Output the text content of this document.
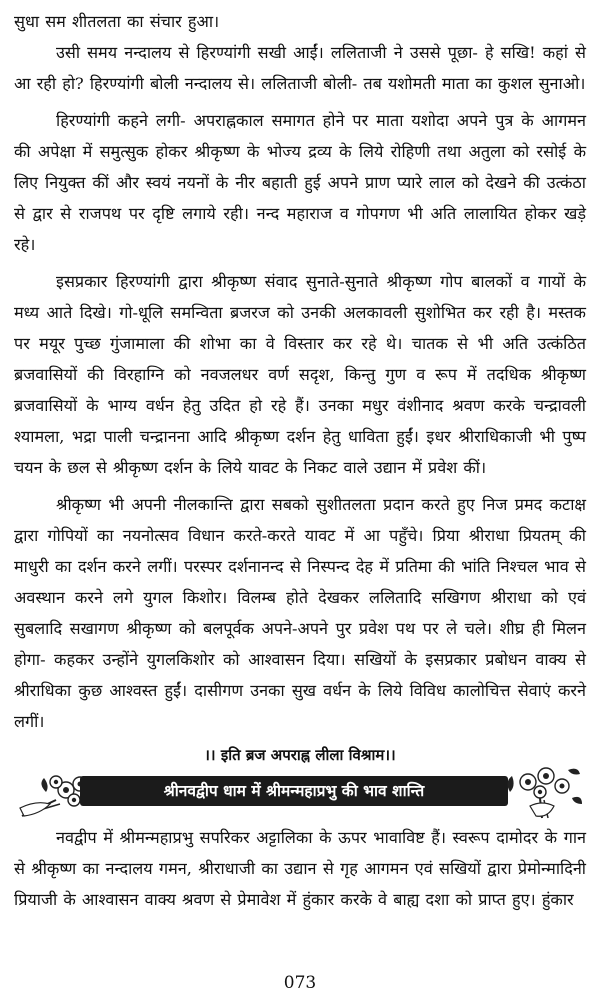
सुधा सम शीतलता का संचार हुआ।

उसी समय नन्दालय से हिरण्यांगी सखी आईं। ललिताजी ने उससे पूछा- हे सखि! कहां से आ रही हो? हिरण्यांगी बोली नन्दालय से। ललिताजी बोली- तब यशोमती माता का कुशल सुनाओ।

हिरण्यांगी कहने लगी- अपराह्नकाल समागत होने पर माता यशोदा अपने पुत्र के आगमन की अपेक्षा में समुत्सुक होकर श्रीकृष्ण के भोज्य द्रव्य के लिये रोहिणी तथा अतुला को रसोई के लिए नियुक्त कीं और स्वयं नयनों के नीर बहाती हुई अपने प्राण प्यारे लाल को देखने की उत्कंठा से द्वार से राजपथ पर दृष्टि लगाये रही। नन्द महाराज व गोपगण भी अति लालायित होकर खड़े रहे।

इसप्रकार हिरण्यांगी द्वारा श्रीकृष्ण संवाद सुनाते-सुनाते श्रीकृष्ण गोप बालकों व गायों के मध्य आते दिखे। गो-धूलि समन्विता ब्रजरज को उनकी अलकावली सुशोभित कर रही है। मस्तक पर मयूर पुच्छ गुंजामाला की शोभा का वे विस्तार कर रहे थे। चातक से भी अति उत्कंठित ब्रजवासियों की विरहाग्नि को नवजलधर वर्ण सदृश, किन्तु गुण व रूप में तदधिक श्रीकृष्ण ब्रजवासियों के भाग्य वर्धन हेतु उदित हो रहे हैं। उनका मधुर वंशीनाद श्रवण करके चन्द्रावली श्यामला, भद्रा पाली चन्द्रानना आदि श्रीकृष्ण दर्शन हेतु धाविता हुईं। इधर श्रीराधिकाजी भी पुष्प चयन के छल से श्रीकृष्ण दर्शन के लिये यावट के निकट वाले उद्यान में प्रवेश कीं।

श्रीकृष्ण भी अपनी नीलकान्ति द्वारा सबको सुशीतलता प्रदान करते हुए निज प्रमद कटाक्ष द्वारा गोपियों का नयनोत्सव विधान करते-करते यावट में आ पहुँचे। प्रिया श्रीराधा प्रियतम् की माधुरी का दर्शन करने लगीं। परस्पर दर्शनानन्द से निस्पन्द देह में प्रतिमा की भांति निश्चल भाव से अवस्थान करने लगे युगल किशोर। विलम्ब होते देखकर ललितादि सखिगण श्रीराधा को एवं सुबलादि सखागण श्रीकृष्ण को बलपूर्वक अपने-अपने पुर प्रवेश पथ पर ले चले। शीघ्र ही मिलन होगा- कहकर उन्होंने युगलकिशोर को आश्वासन दिया। सखियों के इसप्रकार प्रबोधन वाक्य से श्रीराधिका कुछ आश्वस्त हुईं। दासीगण उनका सुख वर्धन के लिये विविध कालोचित्त सेवाएं करने लगीं।

।। इति ब्रज अपराह्न लीला विश्राम।।
श्रीनवद्वीप धाम में श्रीमन्महाप्रभु की भाव शान्ति

नवद्वीप में श्रीमन्महाप्रभु सपरिकर अट्टालिका के ऊपर भावाविष्ट हैं। स्वरूप दामोदर के गान से श्रीकृष्ण का नन्दालय गमन, श्रीराधाजी का उद्यान से गृह आगमन एवं सखियों द्वारा प्रेमोन्मादिनी प्रियाजी के आश्वासन वाक्य श्रवण से प्रेमावेश में हुंकार करके वे बाह्य दशा को प्राप्त हुए। हुंकार

073
